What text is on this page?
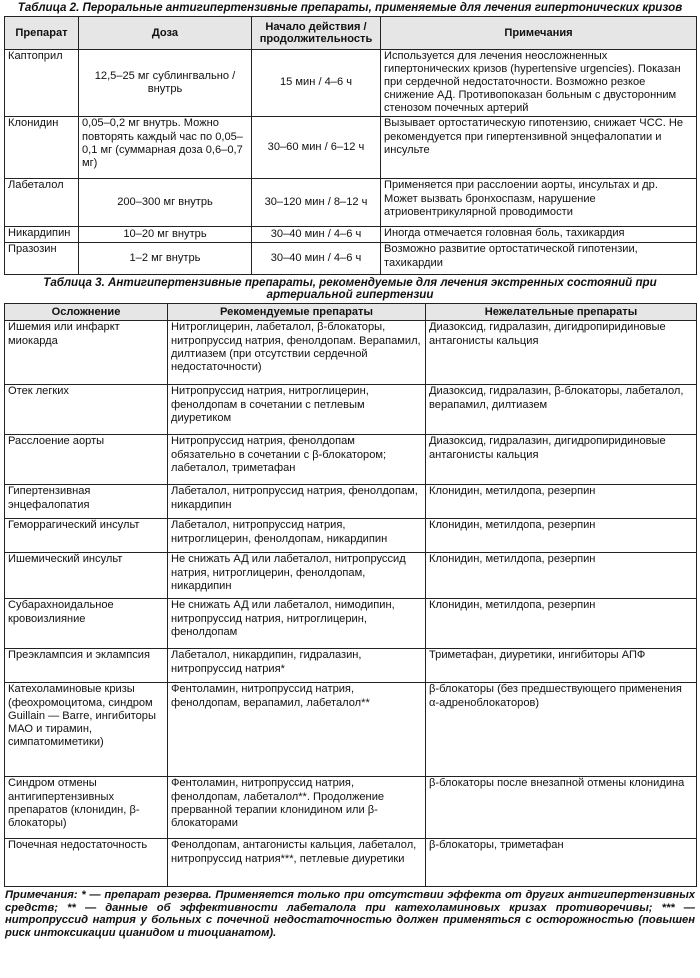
Таблица 2. Пероральные антигипертензивные препараты, применяемые для лечения гипертонических кризов
Препарат	Доза	Начало действия / продолжительность	Примечания
Каптоприл	12,5–25 мг сублингвально / внутрь	15 мин / 4–6 ч	Используется для лечения неосложненных гипертонических кризов (hypertensive urgencies). Показан при сердечной недостаточности. Возможно резкое снижение АД. Противопоказан больным с двусторонним стенозом почечных артерий
Клонидин	0,05–0,2 мг внутрь. Можно повторять каждый час по 0,05–0,1 мг (суммарная доза 0,6–0,7 мг)	30–60 мин / 6–12 ч	Вызывает ортостатическую гипотензию, снижает ЧСС. Не рекомендуется при гипертензивной энцефалопатии и инсульте
Лабеталол	200–300 мг внутрь	30–120 мин / 8–12 ч	Применяется при расслоении аорты, инсультах и др. Может вызвать бронхоспазм, нарушение атриовентрикулярной проводимости
Никардипин	10–20 мг внутрь	30–40 мин / 4–6 ч	Иногда отмечается головная боль, тахикардия
Празозин	1–2 мг внутрь	30–40 мин / 4–6 ч	Возможно развитие ортостатической гипотензии, тахикардии
Таблица 3. Антигипертензивные препараты, рекомендуемые для лечения экстренных состояний при артериальной гипертензии
Осложнение	Рекомендуемые препараты	Нежелательные препараты
Ишемия или инфаркт миокарда	Нитроглицерин, лабеталол, β-блокаторы, нитропруссид натрия, фенолдопам. Верапамил, дилтиазем (при отсутствии сердечной недостаточности)	Диазоксид, гидралазин, дигидропиридиновые антагонисты кальция
Отек легких	Нитропруссид натрия, нитроглицерин, фенолдопам в сочетании с петлевым диуретиком	Диазоксид, гидралазин, β-блокаторы, лабеталол, верапамил, дилтиазем
Расслоение аорты	Нитропруссид натрия, фенолдопам обязательно в сочетании с β-блокатором; лабеталол, триметафан	Диазоксид, гидралазин, дигидропиридиновые антагонисты кальция
Гипертензивная энцефалопатия	Лабеталол, нитропруссид натрия, фенолдопам, никардипин	Клонидин, метилдопа, резерпин
Геморрагический инсульт	Лабеталол, нитропруссид натрия, нитроглицерин, фенолдопам, никардипин	Клонидин, метилдопа, резерпин
Ишемический инсульт	Не снижать АД или лабеталол, нитропруссид натрия, нитроглицерин, фенолдопам, никардипин	Клонидин, метилдопа, резерпин
Субарахноидальное кровоизлияние	Не снижать АД или лабеталол, нимодипин, нитропруссид натрия, нитроглицерин, фенолдопам	Клонидин, метилдопа, резерпин
Преэклампсия и эклампсия	Лабеталол, никардипин, гидралазин, нитропруссид натрия*	Триметафан, диуретики, ингибиторы АПФ
Катехоламиновые кризы (феохромоцитома, синдром Guillain — Barre, ингибиторы МАО и тирамин, симпатомиметики)	Фентоламин, нитропруссид натрия, фенолдопам, верапамил, лабеталол**	β-блокаторы (без предшествующего применения α-адреноблокаторов)
Синдром отмены антигипертензивных препаратов (клонидин, β-блокаторы)	Фентоламин, нитропруссид натрия, фенолдопам, лабеталол**. Продолжение прерванной терапии клонидином или β-блокаторами	β-блокаторы после внезапной отмены клонидина
Почечная недостаточность	Фенолдопам, антагонисты кальция, лабеталол, нитропруссид натрия***, петлевые диуретики	β-блокаторы, триметафан
Примечания: * — препарат резерва. Применяется только при отсутствии эффекта от других антигипертензивных средств; ** — данные об эффективности лабеталола при катехоламиновых кризах противоречивы; *** — нитропруссид натрия у больных с почечной недостаточностью должен применяться с осторожностью (повышен риск интоксикации цианидом и тиоцианатом).
